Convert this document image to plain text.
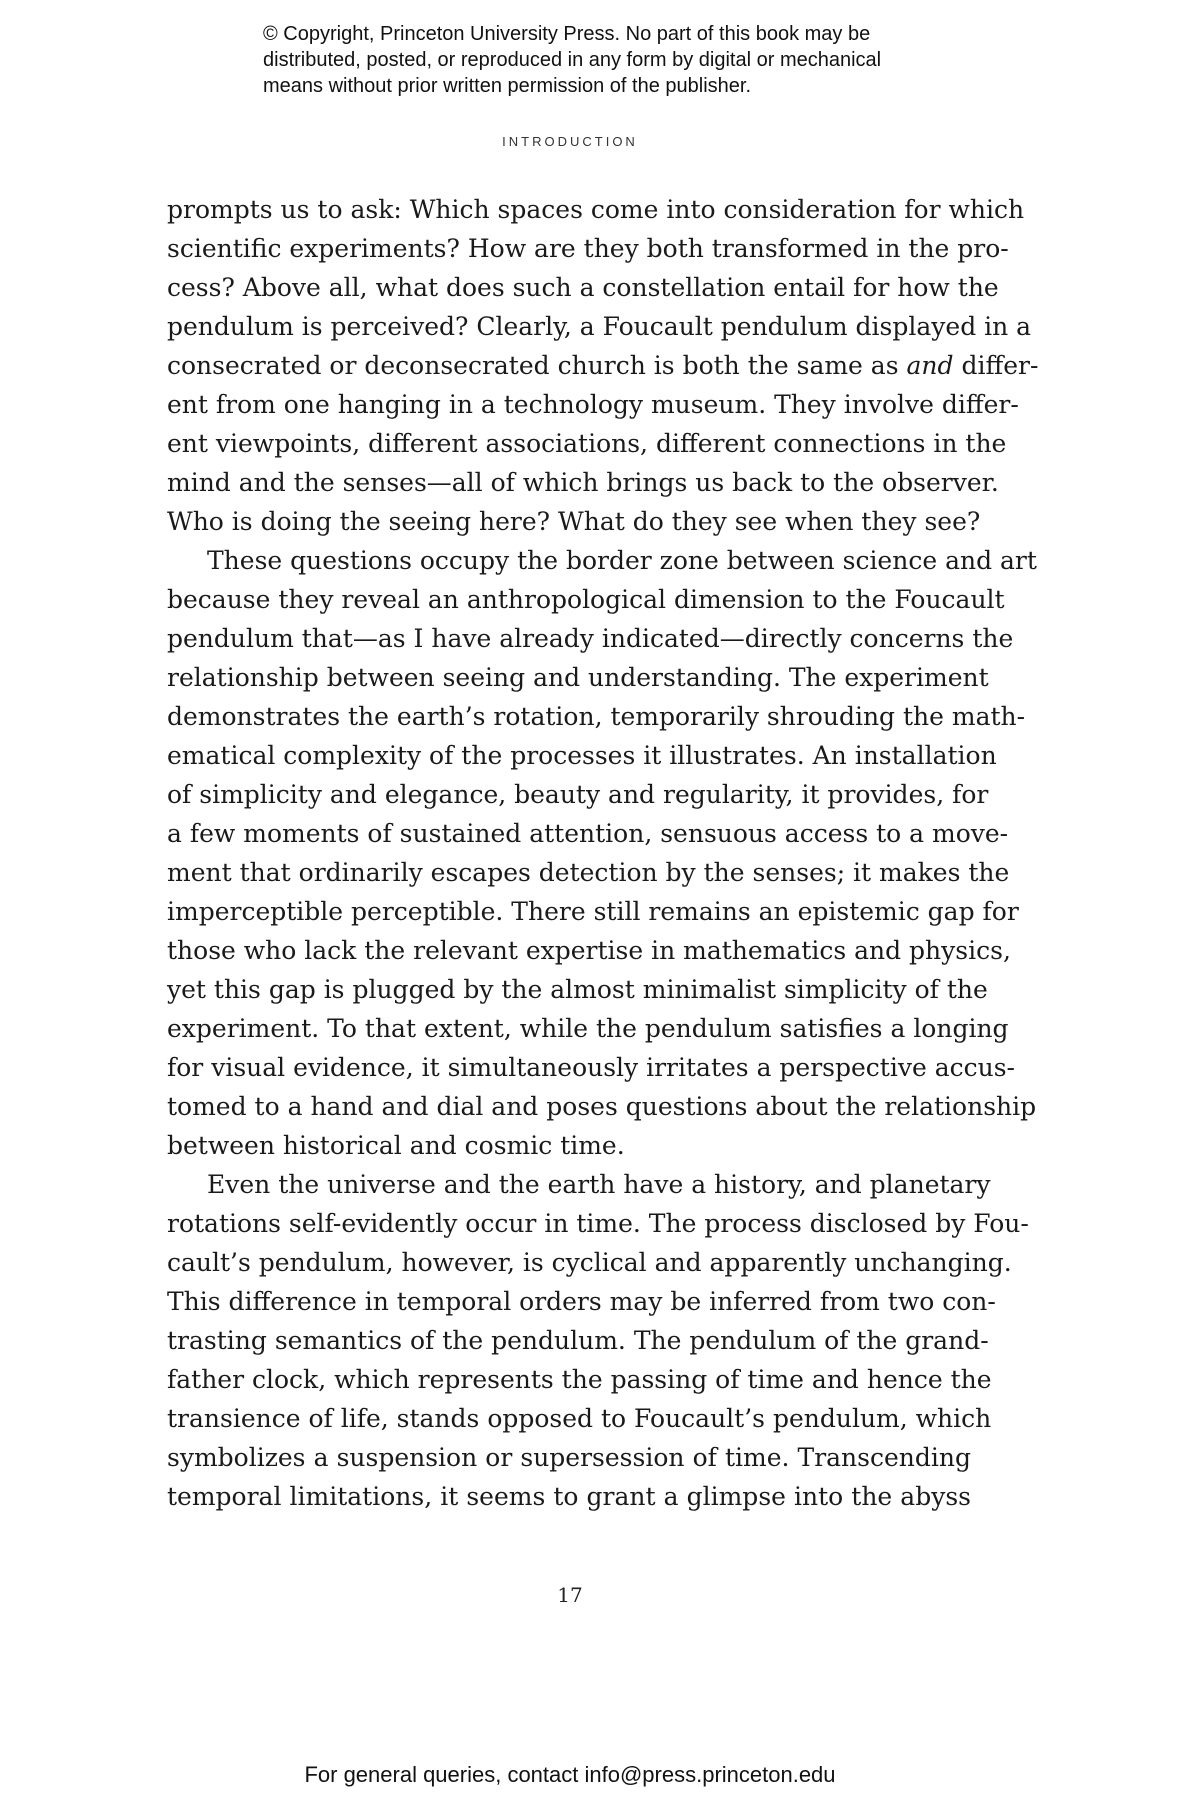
© Copyright, Princeton University Press. No part of this book may be
distributed, posted, or reproduced in any form by digital or mechanical
means without prior written permission of the publisher.
INTRODUCTION
prompts us to ask: Which spaces come into consideration for which
scientific experiments? How are they both transformed in the pro-
cess? Above all, what does such a constellation entail for how the
pendulum is perceived? Clearly, a Foucault pendulum displayed in a
consecrated or deconsecrated church is both the same as and differ-
ent from one hanging in a technology museum. They involve differ-
ent viewpoints, different associations, different connections in the
mind and the senses—all of which brings us back to the observer.
Who is doing the seeing here? What do they see when they see?
These questions occupy the border zone between science and art
because they reveal an anthropological dimension to the Foucault
pendulum that—as I have already indicated—directly concerns the
relationship between seeing and understanding. The experiment
demonstrates the earth’s rotation, temporarily shrouding the math-
ematical complexity of the processes it illustrates. An installation
of simplicity and elegance, beauty and regularity, it provides, for
a few moments of sustained attention, sensuous access to a move-
ment that ordinarily escapes detection by the senses; it makes the
imperceptible perceptible. There still remains an epistemic gap for
those who lack the relevant expertise in mathematics and physics,
yet this gap is plugged by the almost minimalist simplicity of the
experiment. To that extent, while the pendulum satisfies a longing
for visual evidence, it simultaneously irritates a perspective accus-
tomed to a hand and dial and poses questions about the relationship
between historical and cosmic time.
Even the universe and the earth have a history, and planetary
rotations self-evidently occur in time. The process disclosed by Fou-
cault’s pendulum, however, is cyclical and apparently unchanging.
This difference in temporal orders may be inferred from two con-
trasting semantics of the pendulum. The pendulum of the grand-
father clock, which represents the passing of time and hence the
transience of life, stands opposed to Foucault’s pendulum, which
symbolizes a suspension or supersession of time. Transcending
temporal limitations, it seems to grant a glimpse into the abyss
17
For general queries, contact info@press.princeton.edu
